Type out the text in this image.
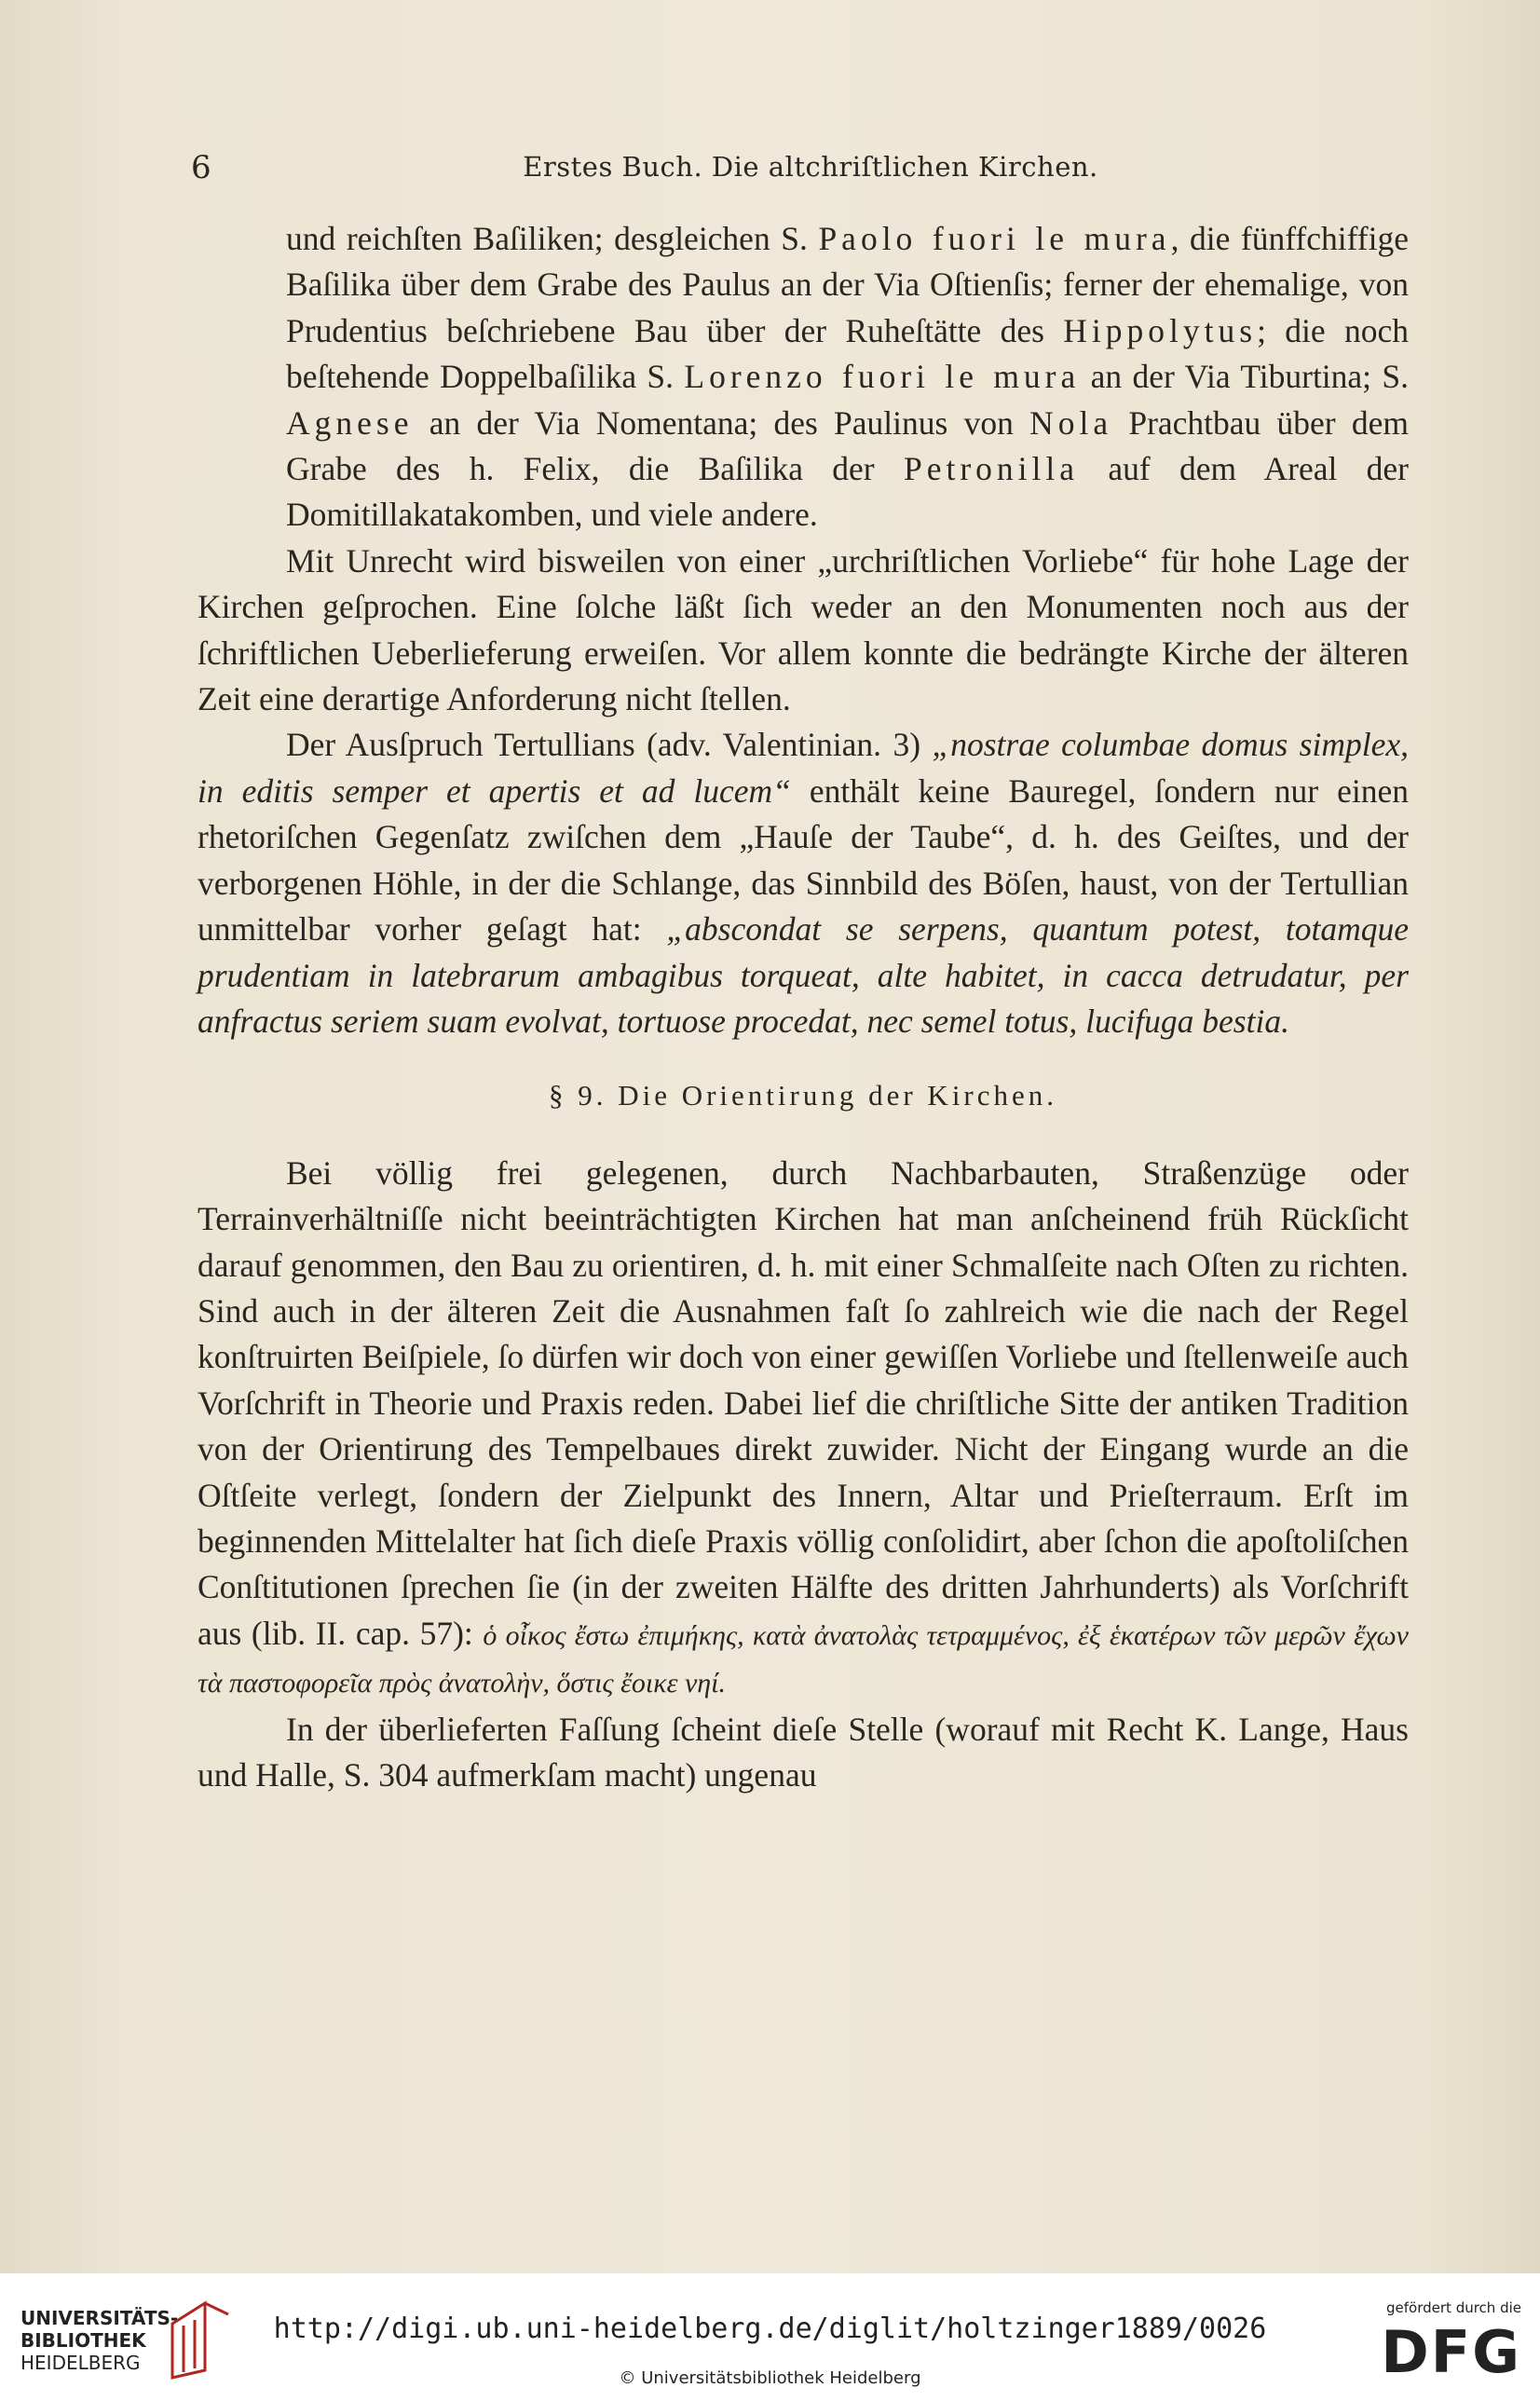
6	Erstes Buch. Die altchriſtlichen Kirchen.

und reichſten Baſiliken; desgleichen S. Paolo fuori le mura, die fünffchiffige Baſilika über dem Grabe des Paulus an der Via Oſtienſis; ferner der ehemalige, von Prudentius beſchriebene Bau über der Ruheſtätte des Hippolytus; die noch beſtehende Doppelbaſilika S. Lorenzo fuori le mura an der Via Tiburtina; S. Agnese an der Via Nomentana; des Paulinus von Nola Prachtbau über dem Grabe des h. Felix, die Baſilika der Petronilla auf dem Areal der Domitillakatakomben, und viele andere.

Mit Unrecht wird bisweilen von einer „urchriſtlichen Vorliebe“ für hohe Lage der Kirchen geſprochen. Eine ſolche läßt ſich weder an den Monumenten noch aus der ſchriftlichen Ueberlieferung erweiſen. Vor allem konnte die bedrängte Kirche der älteren Zeit eine derartige Anforderung nicht ſtellen.

Der Ausſpruch Tertullians (adv. Valentinian. 3) „nostrae columbae domus simplex, in editis semper et apertis et ad lucem“ enthält keine Bauregel, ſondern nur einen rhetoriſchen Gegenſatz zwiſchen dem „Hauſe der Taube“, d. h. des Geiſtes, und der verborgenen Höhle, in der die Schlange, das Sinnbild des Böſen, haust, von der Tertullian unmittelbar vorher geſagt hat: „abscondat se serpens, quantum potest, totamque prudentiam in latebrarum ambagibus torqueat, alte habitet, in cacca detrudatur, per anfractus seriem suam evolvat, tortuose procedat, nec semel totus, lucifuga bestia.

§ 9. Die Orientirung der Kirchen.

Bei völlig frei gelegenen, durch Nachbarbauten, Straßenzüge oder Terrainverhältniſſe nicht beeinträchtigten Kirchen hat man anſcheinend früh Rückſicht darauf genommen, den Bau zu orientiren, d. h. mit einer Schmalſeite nach Oſten zu richten. Sind auch in der älteren Zeit die Ausnahmen faſt ſo zahlreich wie die nach der Regel konſtruirten Beiſpiele, ſo dürfen wir doch von einer gewiſſen Vorliebe und ſtellenweiſe auch Vorſchrift in Theorie und Praxis reden. Dabei lief die chriſtliche Sitte der antiken Tradition von der Orientirung des Tempelbaues direkt zuwider. Nicht der Eingang wurde an die Oſtſeite verlegt, ſondern der Zielpunkt des Innern, Altar und Prieſterraum. Erſt im beginnenden Mittelalter hat ſich dieſe Praxis völlig conſolidirt, aber ſchon die apoſtoliſchen Conſtitutionen ſprechen ſie (in der zweiten Hälfte des dritten Jahrhunderts) als Vorſchrift aus (lib. II. cap. 57): ὁ οἶκος ἔστω ἐπιμήκης, κατὰ ἀνατολὰς τετραμμένος, ἐξ ἑκατέρων τῶν μερῶν ἔχων τὰ παστοφορεῖα πρὸς ἀνατολὴν, ὅστις ἔοικε νηί.

In der überlieferten Faſſung ſcheint dieſe Stelle (worauf mit Recht K. Lange, Haus und Halle, S. 304 aufmerkſam macht) ungenau

UNIVERSITÄTS-
BIBLIOTHEK
HEIDELBERG
http://digi.ub.uni-heidelberg.de/diglit/holtzinger1889/0026
© Universitätsbibliothek Heidelberg
gefördert durch die
DFG
